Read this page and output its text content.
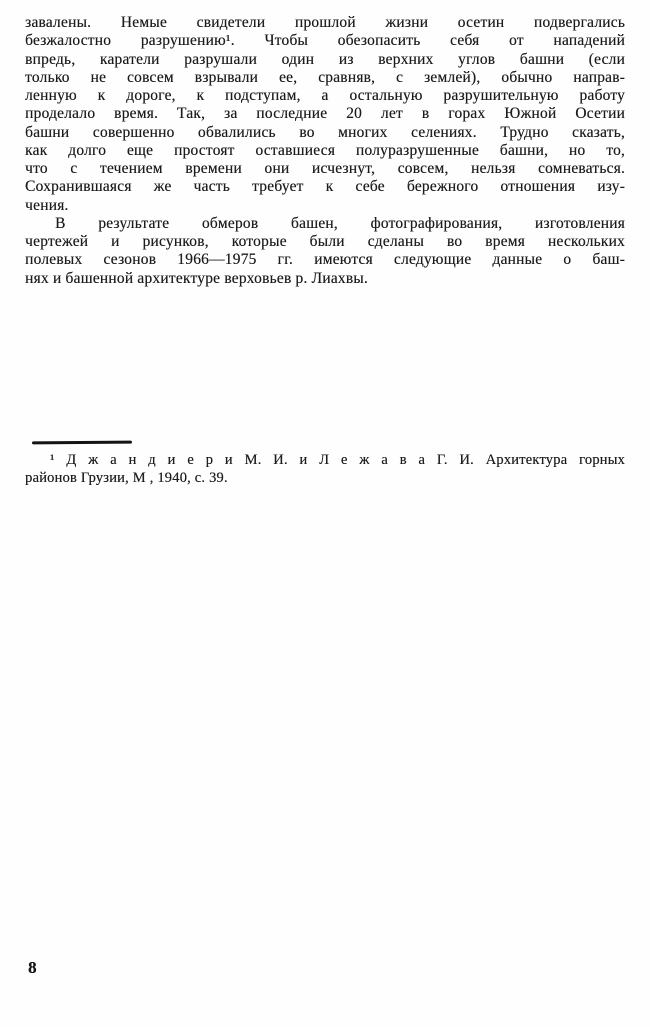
завалены. Немые свидетели прошлой жизни осетин подвергались
безжалостно разрушению¹. Чтобы обезопасить себя от нападений
впредь, каратели разрушали один из верхних углов башни (если
только не совсем взрывали ее, сравняв, с землей), обычно направ-
ленную к дороге, к подступам, а остальную разрушительную работу
проделало время. Так, за последние 20 лет в горах Южной Осетии
башни совершенно обвалились во многих селениях. Трудно сказать,
как долго еще простоят оставшиеся полуразрушенные башни, но то,
что с течением времени они исчезнут, совсем, нельзя сомневаться.
Сохранившаяся же часть требует к себе бережного отношения изу-
чения.
В результате обмеров башен, фотографирования, изготовления
чертежей и рисунков, которые были сделаны во время нескольких
полевых сезонов 1966—1975 гг. имеются следующие данные о баш-
нях и башенной архитектуре верховьев р. Лиахвы.
¹ Д ж а н д и е р и М. И. и Л е ж а в а Г. И. Архитектура горных
районов Грузии, М , 1940, с. 39.
8
